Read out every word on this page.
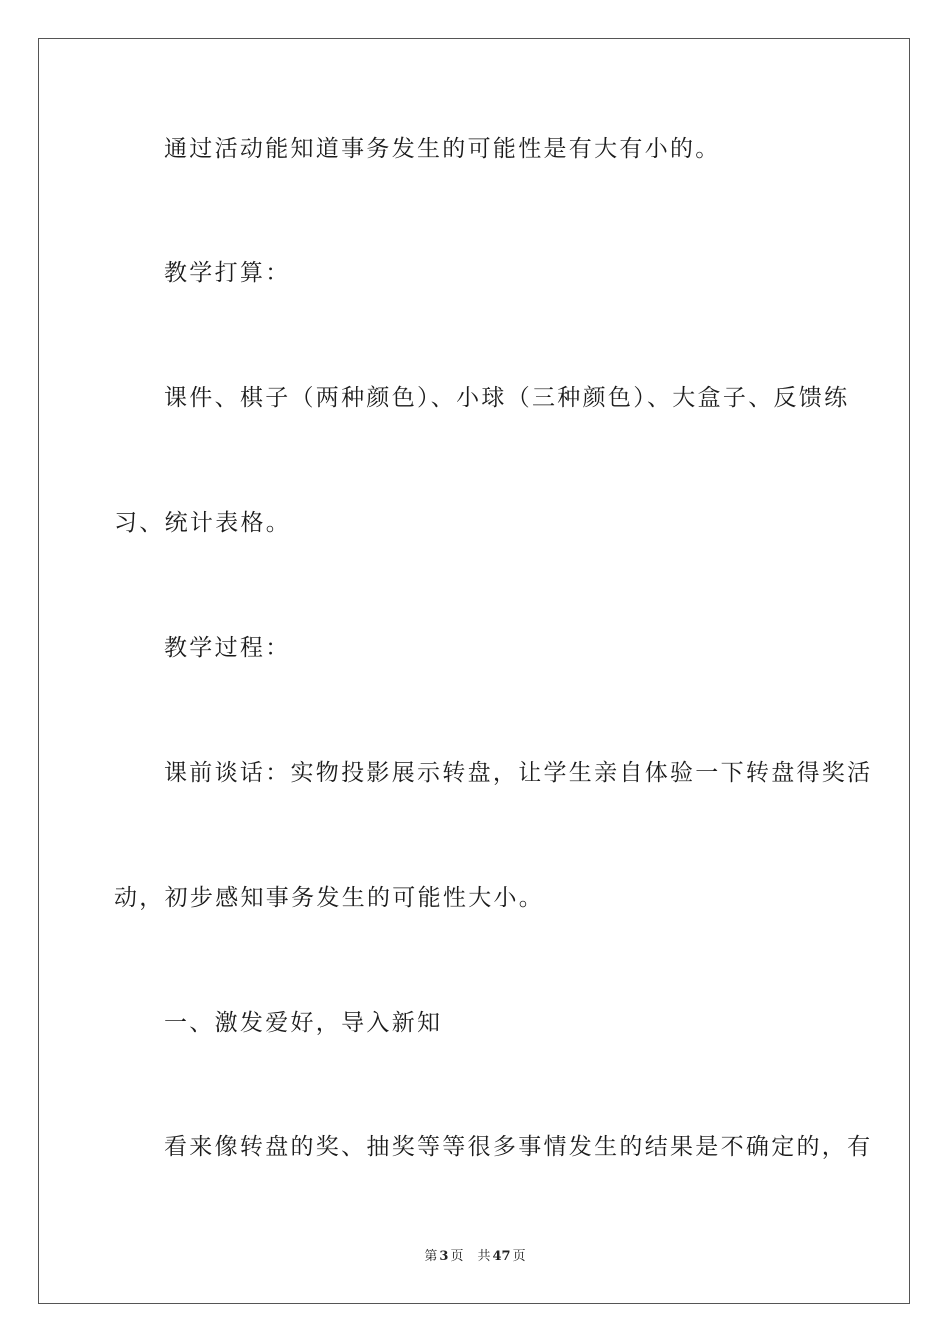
通过活动能知道事务发生的可能性是有大有小的。
教学打算：
课件、棋子（两种颜色）、小球（三种颜色）、大盒子、反馈练
习、统计表格。
教学过程：
课前谈话：实物投影展示转盘，让学生亲自体验一下转盘得奖活
动，初步感知事务发生的可能性大小。
一、激发爱好，导入新知
看来像转盘的奖、抽奖等等很多事情发生的结果是不确定的，有
第 3 页 共 47 页
